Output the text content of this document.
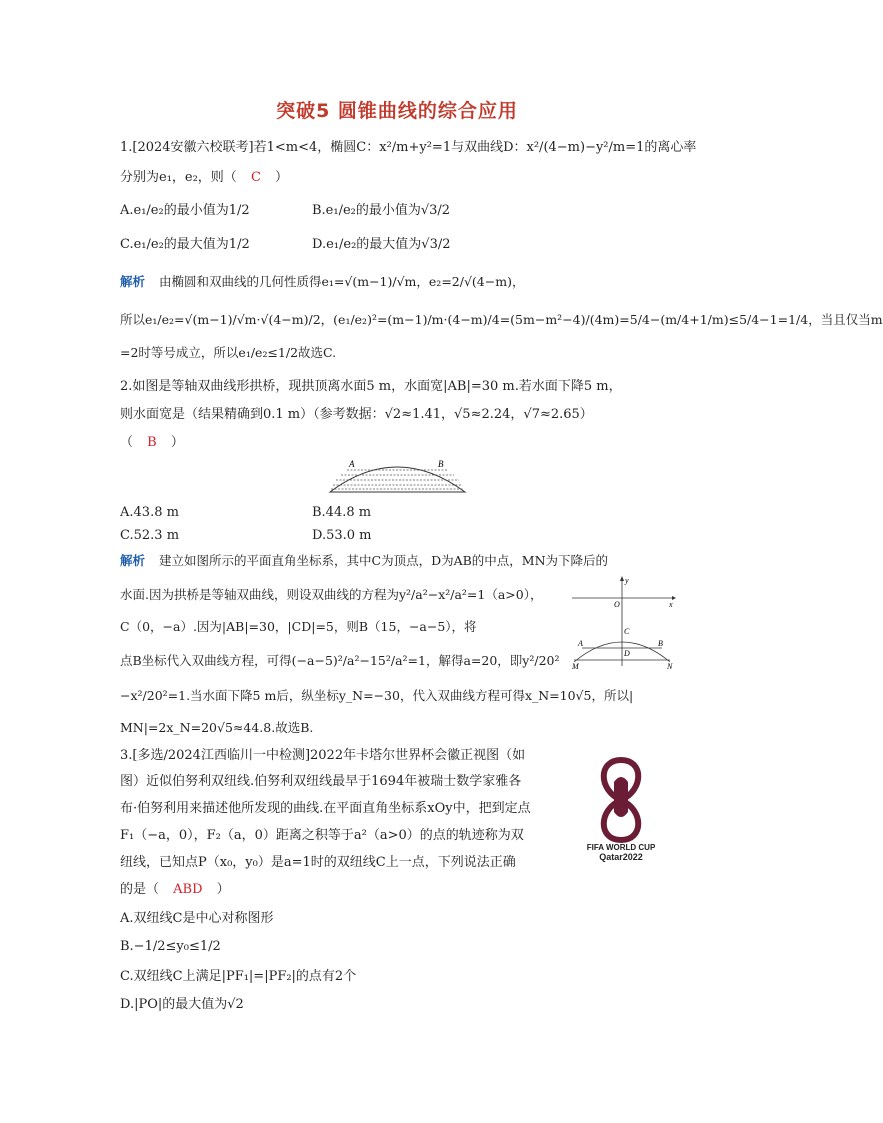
突破5 圆锥曲线的综合应用
1.[2024安徽六校联考]若1<m<4，椭圆C：x²/m+y²=1与双曲线D：x²/(4−m)−y²/m=1的离心率
分别为e₁，e₂，则（ C ）
A.e₁/e₂的最小值为1/2	B.e₁/e₂的最小值为√3/2
C.e₁/e₂的最大值为1/2	D.e₁/e₂的最大值为√3/2
解析 由椭圆和双曲线的几何性质得e₁=√(m−1)/√m，e₂=2/√(4−m)，
所以e₁/e₂=√(m−1)/√m·√(4−m)/2，(e₁/e₂)²=(m−1)/m·(4−m)/4=(5m−m²−4)/(4m)=5/4−(m/4+1/m)≤5/4−1=1/4，当且仅当m
=2时等号成立，所以e₁/e₂≤1/2故选C.
2.如图是等轴双曲线形拱桥，现拱顶离水面5 m，水面宽|AB|=30 m.若水面下降5 m，
则水面宽是（结果精确到0.1 m）（参考数据：√2≈1.41，√5≈2.24，√7≈2.65）
（ B ）
A	B
A.43.8 m	B.44.8 m
C.52.3 m	D.53.0 m
解析 建立如图所示的平面直角坐标系，其中C为顶点，D为AB的中点，MN为下降后的
水面.因为拱桥是等轴双曲线，则设双曲线的方程为y²/a²−x²/a²=1（a>0），
C（0，−a）.因为|AB|=30，|CD|=5，则B（15，−a−5），将
点B坐标代入双曲线方程，可得(−a−5)²/a²−15²/a²=1，解得a=20，即y²/20²
−x²/20²=1.当水面下降5 m后，纵坐标y_N=−30，代入双曲线方程可得x_N=10√5，所以|
MN|=2x_N=20√5≈44.8.故选B.
y
x
O
C
A	B
D
M	N
3.[多选/2024江西临川一中检测]2022年卡塔尔世界杯会徽正视图（如
图）近似伯努利双纽线.伯努利双纽线最早于1694年被瑞士数学家雅各
布·伯努利用来描述他所发现的曲线.在平面直角坐标系xOy中，把到定点
F₁（−a，0），F₂（a，0）距离之积等于a²（a>0）的点的轨迹称为双
纽线，已知点P（x₀，y₀）是a=1时的双纽线C上一点，下列说法正确
的是（ ABD ）
A.双纽线C是中心对称图形
B.−1/2≤y₀≤1/2
C.双纽线C上满足|PF₁|=|PF₂|的点有2个
D.|PO|的最大值为√2
FIFA WORLD CUP
Qatar2022
